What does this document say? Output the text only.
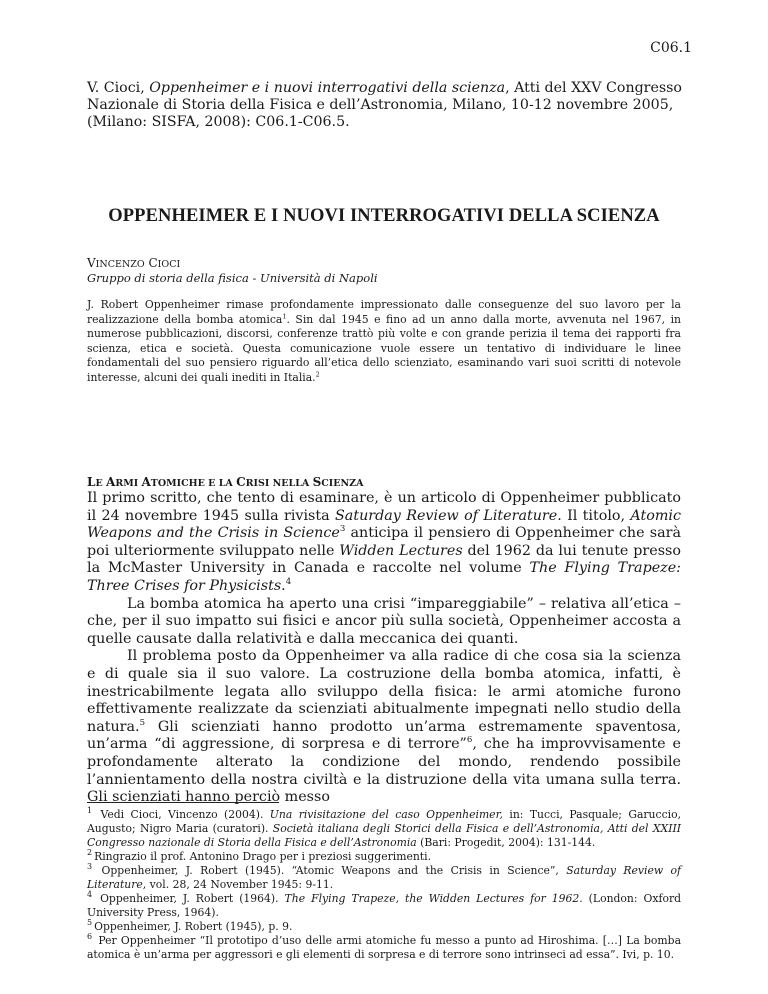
C06.1
V. Cioci, Oppenheimer e i nuovi interrogativi della scienza, Atti del XXV Congresso Nazionale di Storia della Fisica e dell’Astronomia, Milano, 10-12 novembre 2005, (Milano: SISFA, 2008): C06.1-C06.5.
OPPENHEIMER E I NUOVI INTERROGATIVI DELLA SCIENZA
VINCENZO CIOCI
Gruppo di storia della fisica - Università di Napoli
J. Robert Oppenheimer rimase profondamente impressionato dalle conseguenze del suo lavoro per la realizzazione della bomba atomica$^1$. Sin dal 1945 e fino ad un anno dalla morte, avvenuta nel 1967, in numerose pubblicazioni, discorsi, conferenze trattò più volte e con grande perizia il tema dei rapporti fra scienza, etica e società. Questa comunicazione vuole essere un tentativo di individuare le linee fondamentali del suo pensiero riguardo all’etica dello scienziato, esaminando vari suoi scritti di notevole interesse, alcuni dei quali inediti in Italia.$^2$
LE ARMI ATOMICHE E LA CRISI NELLA SCIENZA

Il primo scritto, che tento di esaminare, è un articolo di Oppenheimer pubblicato il 24 novembre 1945 sulla rivista Saturday Review of Literature. Il titolo, Atomic Weapons and the Crisis in Science$^3$ anticipa il pensiero di Oppenheimer che sarà poi ulteriormente sviluppato nelle Widden Lectures del 1962 da lui tenute presso la McMaster University in Canada e raccolte nel volume The Flying Trapeze: Three Crises for Physicists.$^4$

La bomba atomica ha aperto una crisi “impareggiabile” – relativa all’etica – che, per il suo impatto sui fisici e ancor più sulla società, Oppenheimer accosta a quelle causate dalla relatività e dalla meccanica dei quanti.

Il problema posto da Oppenheimer va alla radice di che cosa sia la scienza e di quale sia il suo valore. La costruzione della bomba atomica, infatti, è inestricabilmente legata allo sviluppo della fisica: le armi atomiche furono effettivamente realizzate da scienziati abitualmente impegnati nello studio della natura.$^5$ Gli scienziati hanno prodotto un’arma estremamente spaventosa, un’arma “di aggressione, di sorpresa e di terrore”$^6$, che ha improvvisamente e profondamente alterato la condizione del mondo, rendendo possibile l’annientamento della nostra civiltà e la distruzione della vita umana sulla terra. Gli scienziati hanno perciò messo

$^1$ Vedi Cioci, Vincenzo (2004). Una rivisitazione del caso Oppenheimer, in: Tucci, Pasquale; Garuccio, Augusto; Nigro Maria (curatori). Società italiana degli Storici della Fisica e dell’Astronomia, Atti del XXIII Congresso nazionale di Storia della Fisica e dell’Astronomia (Bari: Progedit, 2004): 131-144.

$^2$ Ringrazio il prof. Antonino Drago per i preziosi suggerimenti.

$^3$ Oppenheimer, J. Robert (1945). “Atomic Weapons and the Crisis in Science”, Saturday Review of Literature, vol. 28, 24 November 1945: 9-11.

$^4$ Oppenheimer, J. Robert (1964). The Flying Trapeze, the Widden Lectures for 1962. (London: Oxford University Press, 1964).

$^5$ Oppenheimer, J. Robert (1945), p. 9.

$^6$ Per Oppenheimer “Il prototipo d’uso delle armi atomiche fu messo a punto ad Hiroshima. […] La bomba atomica è un’arma per aggressori e gli elementi di sorpresa e di terrore sono intrinseci ad essa”. Ivi, p. 10.
